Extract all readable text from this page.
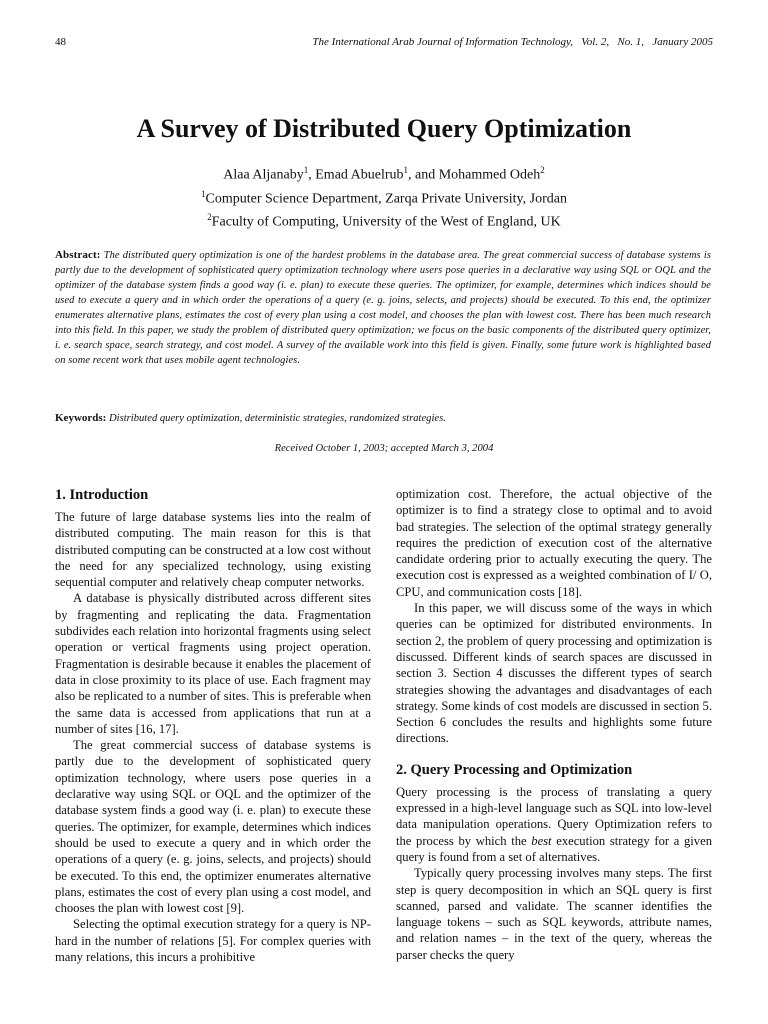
48	The International Arab Journal of Information Technology,   Vol. 2,   No. 1,   January 2005
A Survey of Distributed Query Optimization
Alaa Aljanaby$^1$, Emad Abuelrub$^1$, and Mohammed Odeh$^2$
$^1$Computer Science Department, Zarqa Private University, Jordan
$^2$Faculty of Computing, University of the West of England, UK
Abstract: The distributed query optimization is one of the hardest problems in the database area. The great commercial success of database systems is partly due to the development of sophisticated query optimization technology where users pose queries in a declarative way using SQL or OQL and the optimizer of the database system finds a good way (i. e. plan) to execute these queries. The optimizer, for example, determines which indices should be used to execute a query and in which order the operations of a query (e. g. joins, selects, and projects) should be executed. To this end, the optimizer enumerates alternative plans, estimates the cost of every plan using a cost model, and chooses the plan with lowest cost. There has been much research into this field. In this paper, we study the problem of distributed query optimization; we focus on the basic components of the distributed query optimizer, i. e. search space, search strategy, and cost model. A survey of the available work into this field is given. Finally, some future work is highlighted based on some recent work that uses mobile agent technologies.
Keywords: Distributed query optimization, deterministic strategies, randomized strategies.
Received October 1, 2003; accepted March 3, 2004
1. Introduction

The future of large database systems lies into the realm of distributed computing. The main reason for this is that distributed computing can be constructed at a low cost without the need for any specialized technology, using existing sequential computer and relatively cheap computer networks.

A database is physically distributed across different sites by fragmenting and replicating the data. Fragmentation subdivides each relation into horizontal fragments using select operation or vertical fragments using project operation. Fragmentation is desirable because it enables the placement of data in close proximity to its place of use. Each fragment may also be replicated to a number of sites. This is preferable when the same data is accessed from applications that run at a number of sites [16, 17].

The great commercial success of database systems is partly due to the development of sophisticated query optimization technology, where users pose queries in a declarative way using SQL or OQL and the optimizer of the database system finds a good way (i. e. plan) to execute these queries. The optimizer, for example, determines which indices should be used to execute a query and in which order the operations of a query (e. g. joins, selects, and projects) should be executed. To this end, the optimizer enumerates alternative plans, estimates the cost of every plan using a cost model, and chooses the plan with lowest cost [9].

Selecting the optimal execution strategy for a query is NP-hard in the number of relations [5]. For complex queries with many relations, this incurs a prohibitive

optimization cost. Therefore, the actual objective of the optimizer is to find a strategy close to optimal and to avoid bad strategies. The selection of the optimal strategy generally requires the prediction of execution cost of the alternative candidate ordering prior to actually executing the query. The execution cost is expressed as a weighted combination of I/ O, CPU, and communication costs [18].

In this paper, we will discuss some of the ways in which queries can be optimized for distributed environments. In section 2, the problem of query processing and optimization is discussed. Different kinds of search spaces are discussed in section 3. Section 4 discusses the different types of search strategies showing the advantages and disadvantages of each strategy. Some kinds of cost models are discussed in section 5. Section 6 concludes the results and highlights some future directions.

2. Query Processing and Optimization

Query processing is the process of translating a query expressed in a high-level language such as SQL into low-level data manipulation operations. Query Optimization refers to the process by which the best execution strategy for a given query is found from a set of alternatives.

Typically query processing involves many steps. The first step is query decomposition in which an SQL query is first scanned, parsed and validate. The scanner identifies the language tokens – such as SQL keywords, attribute names, and relation names – in the text of the query, whereas the parser checks the query
